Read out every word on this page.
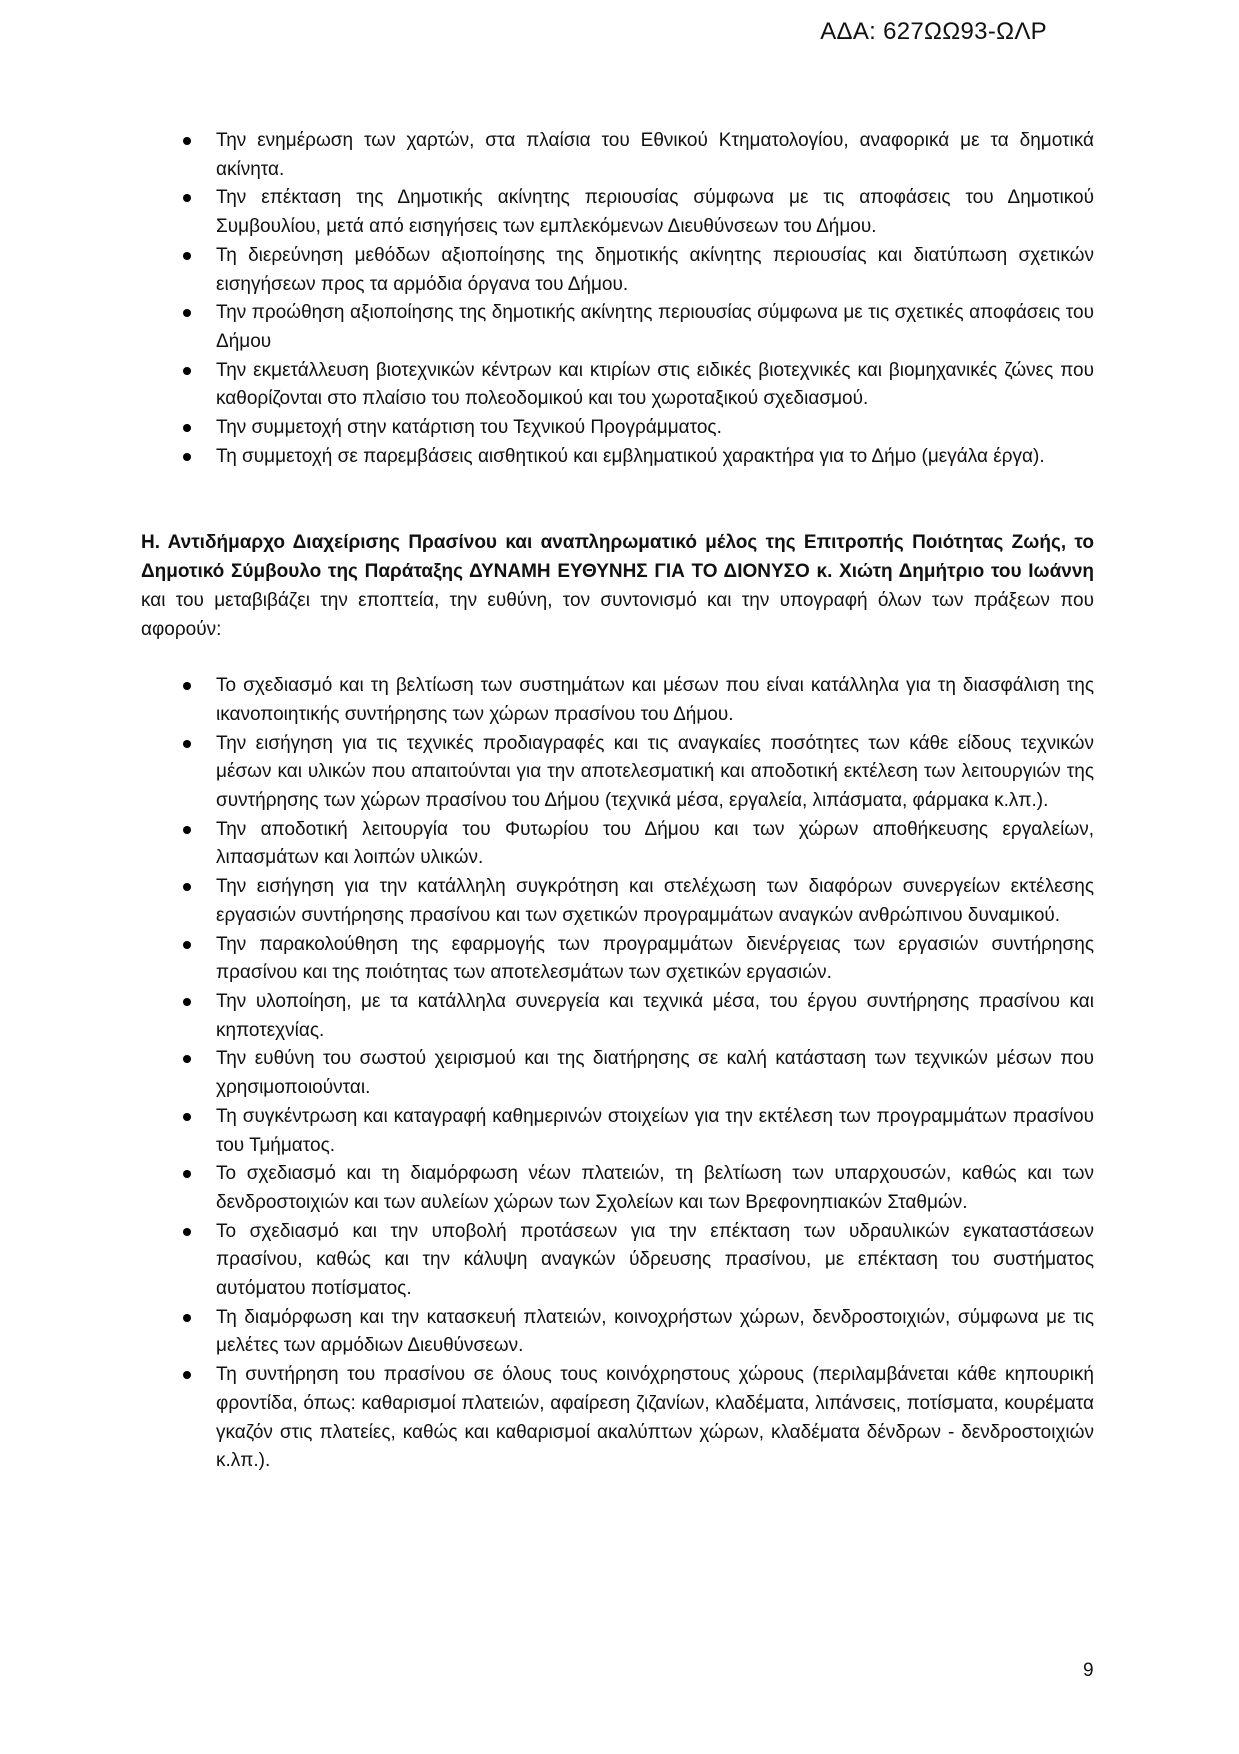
ΑΔΑ: 627ΩΩ93-ΩΛΡ
Την ενημέρωση των χαρτών, στα πλαίσια του Εθνικού Κτηματολογίου, αναφορικά με τα δημοτικά ακίνητα.
Την επέκταση της Δημοτικής ακίνητης περιουσίας σύμφωνα με τις αποφάσεις του Δημοτικού Συμβουλίου, μετά από εισηγήσεις των εμπλεκόμενων Διευθύνσεων του Δήμου.
Τη διερεύνηση μεθόδων αξιοποίησης της δημοτικής ακίνητης περιουσίας και διατύπωση σχετικών εισηγήσεων προς τα αρμόδια όργανα του Δήμου.
Την προώθηση αξιοποίησης της δημοτικής ακίνητης περιουσίας σύμφωνα με τις σχετικές αποφάσεις του Δήμου
Την εκμετάλλευση βιοτεχνικών κέντρων και κτιρίων στις ειδικές βιοτεχνικές και βιομηχανικές ζώνες που καθορίζονται στο πλαίσιο του πολεοδομικού και του χωροταξικού σχεδιασμού.
Την συμμετοχή στην κατάρτιση του Τεχνικού Προγράμματος.
Τη συμμετοχή σε παρεμβάσεις αισθητικού και εμβληματικού χαρακτήρα για το Δήμο (μεγάλα έργα).

Η. Αντιδήμαρχο Διαχείρισης Πρασίνου και αναπληρωματικό μέλος της Επιτροπής Ποιότητας Ζωής, το Δημοτικό Σύμβουλο της Παράταξης ΔΥΝΑΜΗ ΕΥΘΥΝΗΣ ΓΙΑ ΤΟ ΔΙΟΝΥΣΟ κ. Χιώτη Δημήτριο του Ιωάννη και του μεταβιβάζει την εποπτεία, την ευθύνη, τον συντονισμό και την υπογραφή όλων των πράξεων που αφορούν:

Το σχεδιασμό και τη βελτίωση των συστημάτων και μέσων που είναι κατάλληλα για τη διασφάλιση της ικανοποιητικής συντήρησης των χώρων πρασίνου του Δήμου.
Την εισήγηση για τις τεχνικές προδιαγραφές και τις αναγκαίες ποσότητες των κάθε είδους τεχνικών μέσων και υλικών που απαιτούνται για την αποτελεσματική και αποδοτική εκτέλεση των λειτουργιών της συντήρησης των χώρων πρασίνου του Δήμου (τεχνικά μέσα, εργαλεία, λιπάσματα, φάρμακα κ.λπ.).
Την αποδοτική λειτουργία του Φυτωρίου του Δήμου και των χώρων αποθήκευσης εργαλείων, λιπασμάτων και λοιπών υλικών.
Την εισήγηση για την κατάλληλη συγκρότηση και στελέχωση των διαφόρων συνεργείων εκτέλεσης εργασιών συντήρησης πρασίνου και των σχετικών προγραμμάτων αναγκών ανθρώπινου δυναμικού.
Την παρακολούθηση της εφαρμογής των προγραμμάτων διενέργειας των εργασιών συντήρησης πρασίνου και της ποιότητας των αποτελεσμάτων των σχετικών εργασιών.
Την υλοποίηση, με τα κατάλληλα συνεργεία και τεχνικά μέσα, του έργου συντήρησης πρασίνου και κηποτεχνίας.
Την ευθύνη του σωστού χειρισμού και της διατήρησης σε καλή κατάσταση των τεχνικών μέσων που χρησιμοποιούνται.
Τη συγκέντρωση και καταγραφή καθημερινών στοιχείων για την εκτέλεση των προγραμμάτων πρασίνου του Τμήματος.
Το σχεδιασμό και τη διαμόρφωση νέων πλατειών, τη βελτίωση των υπαρχουσών, καθώς και των δενδροστοιχιών και των αυλείων χώρων των Σχολείων και των Βρεφονηπιακών Σταθμών.
Το σχεδιασμό και την υποβολή προτάσεων για την επέκταση των υδραυλικών εγκαταστάσεων πρασίνου, καθώς και την κάλυψη αναγκών ύδρευσης πρασίνου, με επέκταση του συστήματος αυτόματου ποτίσματος.
Τη διαμόρφωση και την κατασκευή πλατειών, κοινοχρήστων χώρων, δενδροστοιχιών, σύμφωνα με τις μελέτες των αρμόδιων Διευθύνσεων.
Τη συντήρηση του πρασίνου σε όλους τους κοινόχρηστους χώρους (περιλαμβάνεται κάθε κηπουρική φροντίδα, όπως: καθαρισμοί πλατειών, αφαίρεση ζιζανίων, κλαδέματα, λιπάνσεις, ποτίσματα, κουρέματα γκαζόν στις πλατείες, καθώς και καθαρισμοί ακαλύπτων χώρων, κλαδέματα δένδρων - δενδροστοιχιών κ.λπ.).
9
